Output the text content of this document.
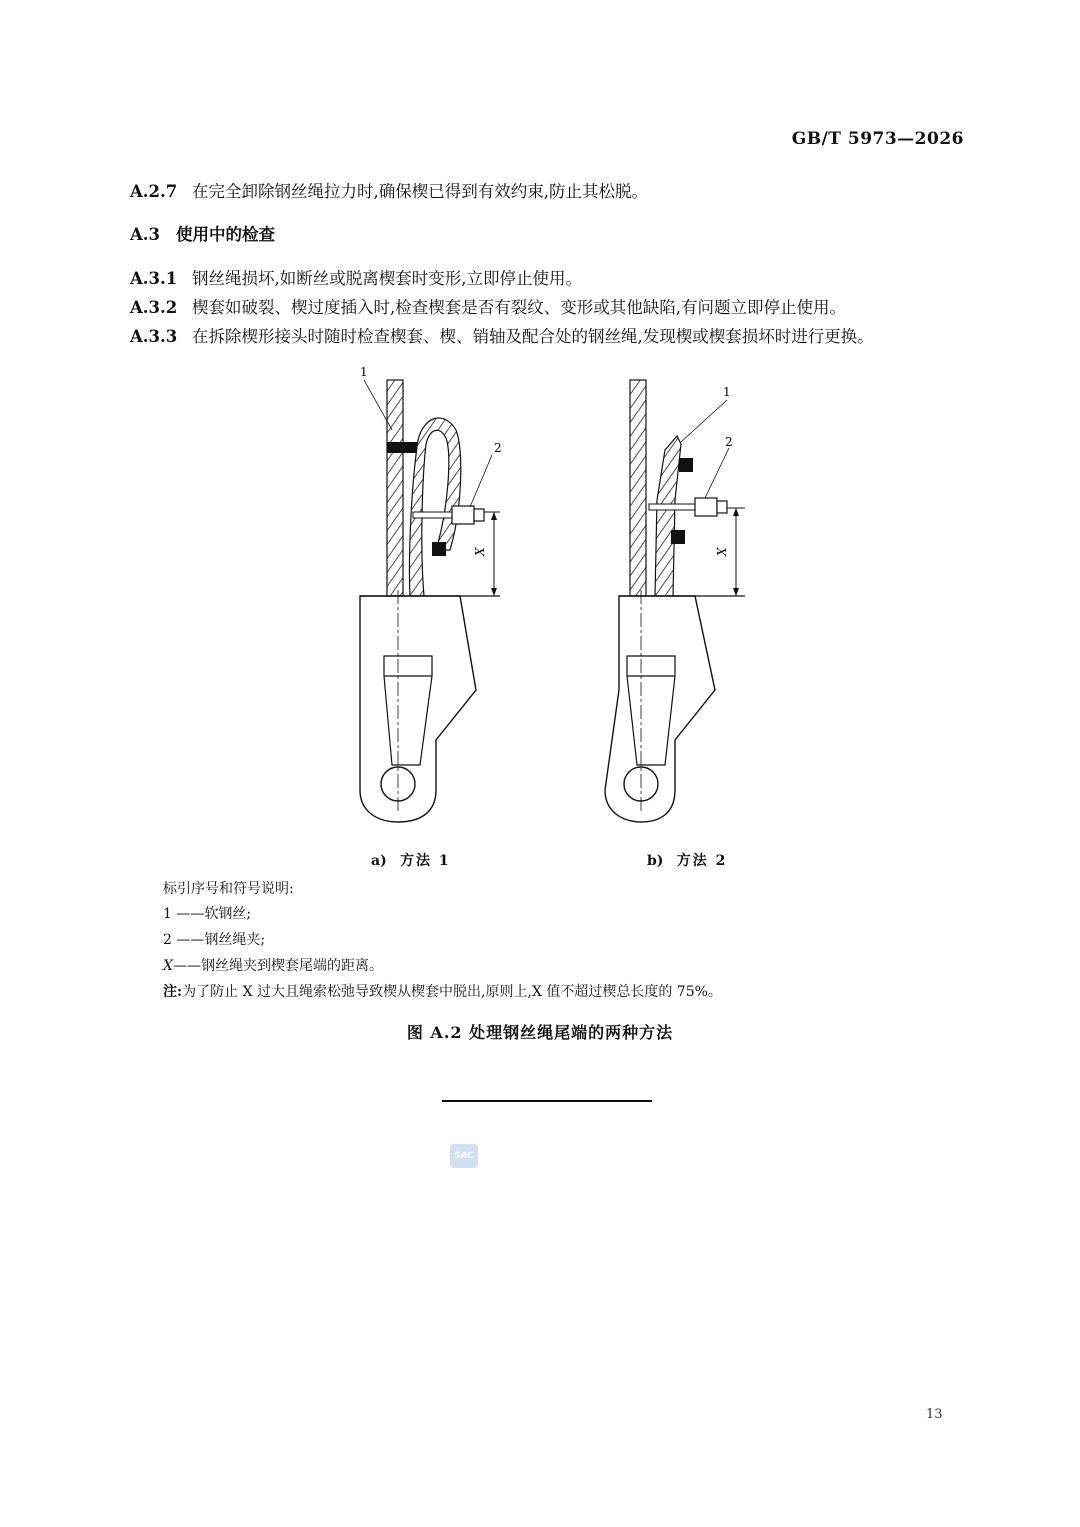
GB/T 5973—2026
A.2.7 在完全卸除钢丝绳拉力时,确保楔已得到有效约束,防止其松脱。
A.3 使用中的检查
A.3.1 钢丝绳损坏,如断丝或脱离楔套时变形,立即停止使用。
A.3.2 楔套如破裂、楔过度插入时,检查楔套是否有裂纹、变形或其他缺陷,有问题立即停止使用。
A.3.3 在拆除楔形接头时随时检查楔套、楔、销轴及配合处的钢丝绳,发现楔或楔套损坏时进行更换。
X
1
2
X
1
2
a) 方法 1	b) 方法 2
标引序号和符号说明:
1 ——软钢丝;
2 ——钢丝绳夹;
X——钢丝绳夹到楔套尾端的距离。
注:为了防止 X 过大且绳索松弛导致楔从楔套中脱出,原则上,X 值不超过楔总长度的 75%。
图 A.2 处理钢丝绳尾端的两种方法
SAC
13
